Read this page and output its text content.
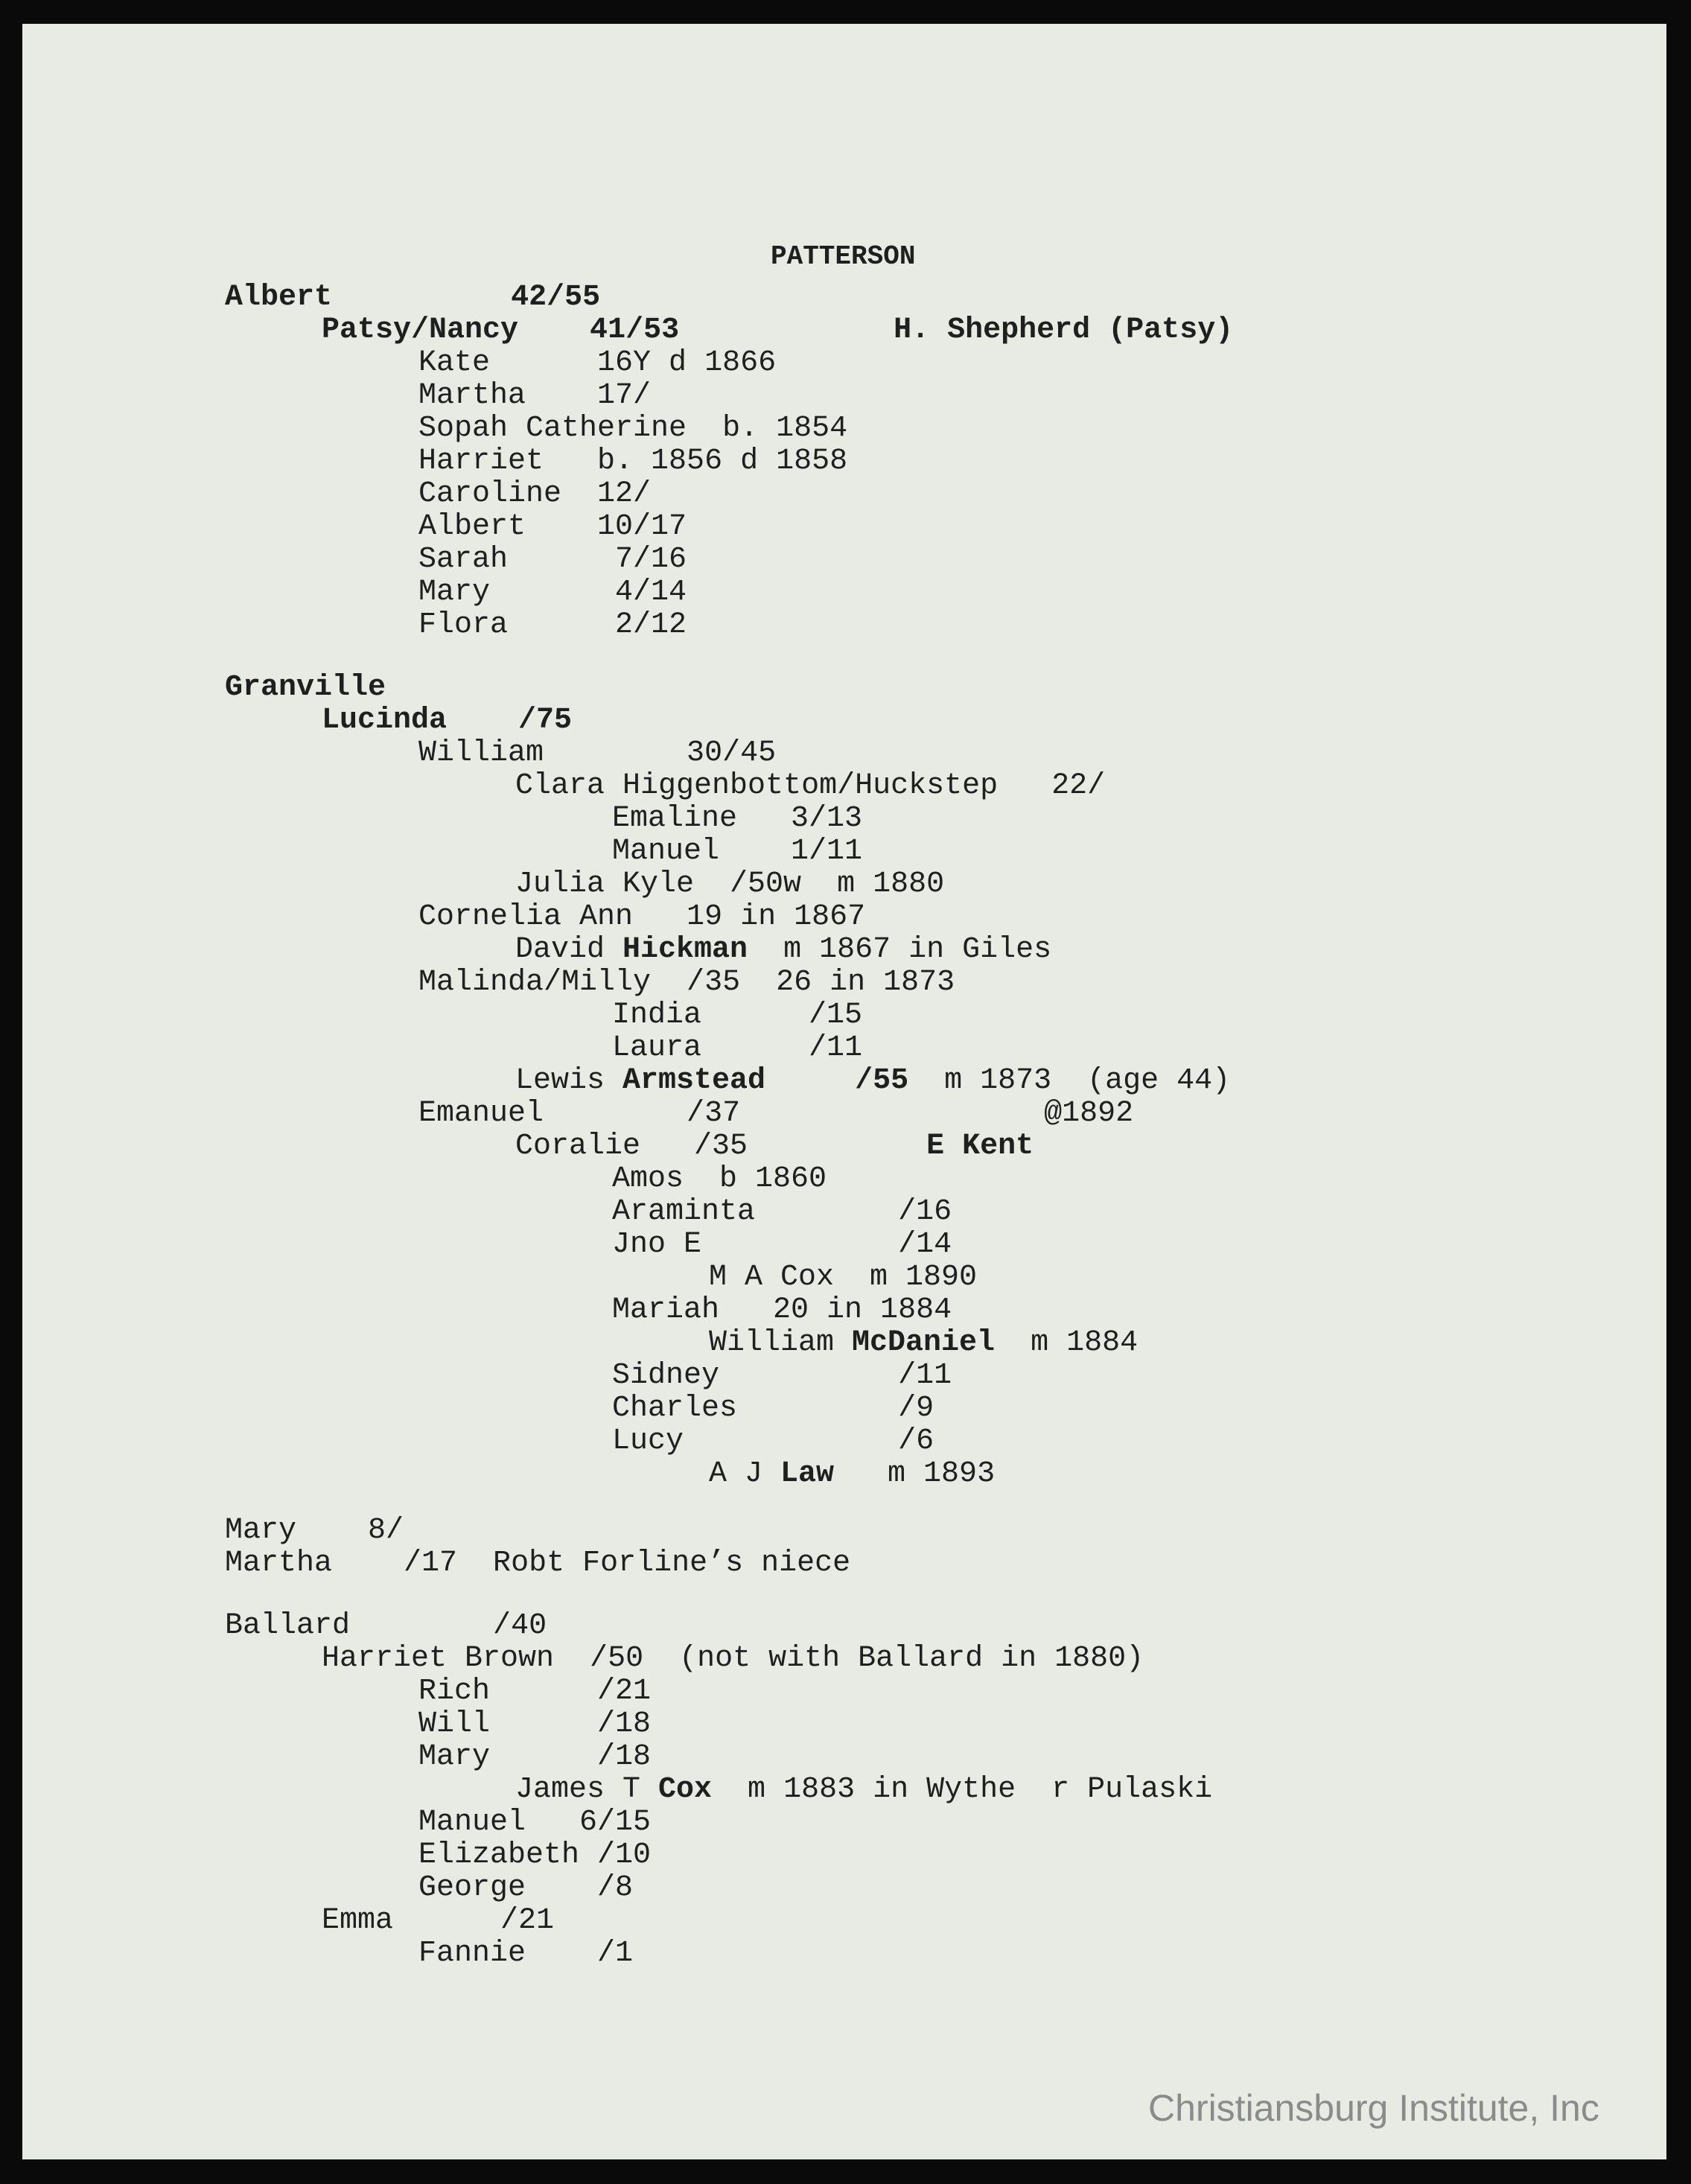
PATTERSON
Albert          42/55
Patsy/Nancy    41/53	H. Shepherd (Patsy)
Kate      16Y d 1866
Martha    17/
Sopah Catherine  b. 1854
Harriet   b. 1856 d 1858
Caroline  12/
Albert    10/17
Sarah      7/16
Mary       4/14
Flora      2/12
Granville
Lucinda    /75
William        30/45
Clara Higgenbottom/Huckstep   22/
Emaline   3/13
Manuel    1/11
Julia Kyle  /50w  m 1880
Cornelia Ann   19 in 1867
David Hickman  m 1867 in Giles
Malinda/Milly  /35  26 in 1873
India      /15
Laura      /11
Lewis Armstead     /55  m 1873  (age 44)
Emanuel        /37                 @1892
Coralie   /35          E Kent
Amos  b 1860
Araminta        /16
Jno E           /14
M A Cox  m 1890
Mariah   20 in 1884
William McDaniel  m 1884
Sidney          /11
Charles         /9
Lucy            /6
A J Law   m 1893
Mary    8/
Martha    /17  Robt Forline’s niece
Ballard        /40
Harriet Brown  /50  (not with Ballard in 1880)
Rich      /21
Will      /18
Mary      /18
James T Cox  m 1883 in Wythe  r Pulaski
Manuel   6/15
Elizabeth /10
George    /8
Emma      /21
Fannie    /1
Christiansburg Institute, Inc
